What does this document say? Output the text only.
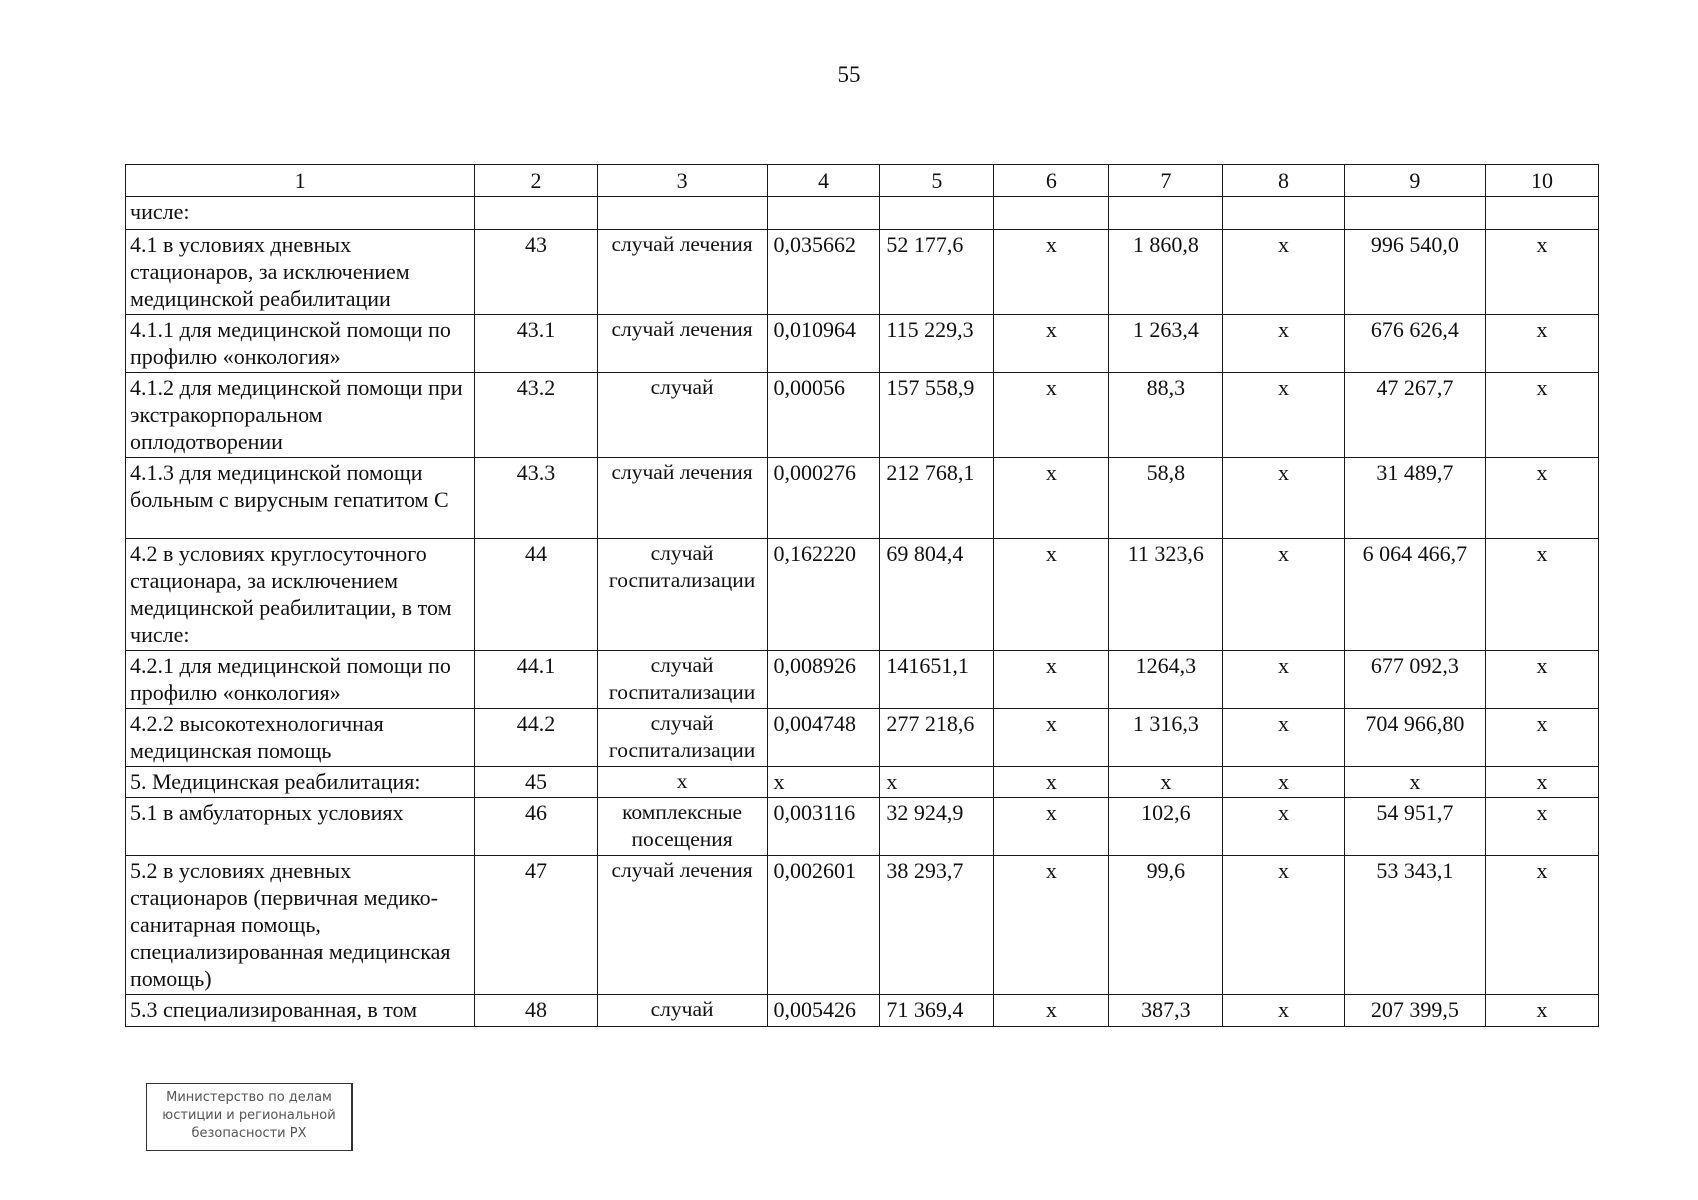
55
1	2	3	4	5	6	7	8	9	10
числе:									
4.1 в условиях дневных стационаров, за исключением медицинской реабилитации	43	случай лечения	0,035662	52 177,6	х	1 860,8	х	996 540,0	х
4.1.1 для медицинской помощи по профилю «онкология»	43.1	случай лечения	0,010964	115 229,3	х	1 263,4	х	676 626,4	х
4.1.2 для медицинской помощи при экстракорпоральном оплодотворении	43.2	случай	0,00056	157 558,9	х	88,3	х	47 267,7	х
4.1.3 для медицинской помощи больным с вирусным гепатитом С	43.3	случай лечения	0,000276	212 768,1	х	58,8	х	31 489,7	х
4.2 в условиях круглосуточного стационара, за исключением медицинской реабилитации, в том числе:	44	случай госпитализации	0,162220	69 804,4	х	11 323,6	х	6 064 466,7	х
4.2.1 для медицинской помощи по профилю «онкология»	44.1	случай госпитализации	0,008926	141651,1	х	1264,3	х	677 092,3	х
4.2.2 высокотехнологичная медицинская помощь	44.2	случай госпитализации	0,004748	277 218,6	х	1 316,3	х	704 966,80	х
5. Медицинская реабилитация:	45	х	х	х	х	х	х	х	х
5.1 в амбулаторных условиях	46	комплексные посещения	0,003116	32 924,9	х	102,6	х	54 951,7	х
5.2 в условиях дневных стационаров (первичная медико-санитарная помощь, специализированная медицинская помощь)	47	случай лечения	0,002601	38 293,7	х	99,6	х	53 343,1	х
5.3 специализированная, в том	48	случай	0,005426	71 369,4	х	387,3	х	207 399,5	х
Министерство по делам
юстиции и региональной
безопасности РХ
